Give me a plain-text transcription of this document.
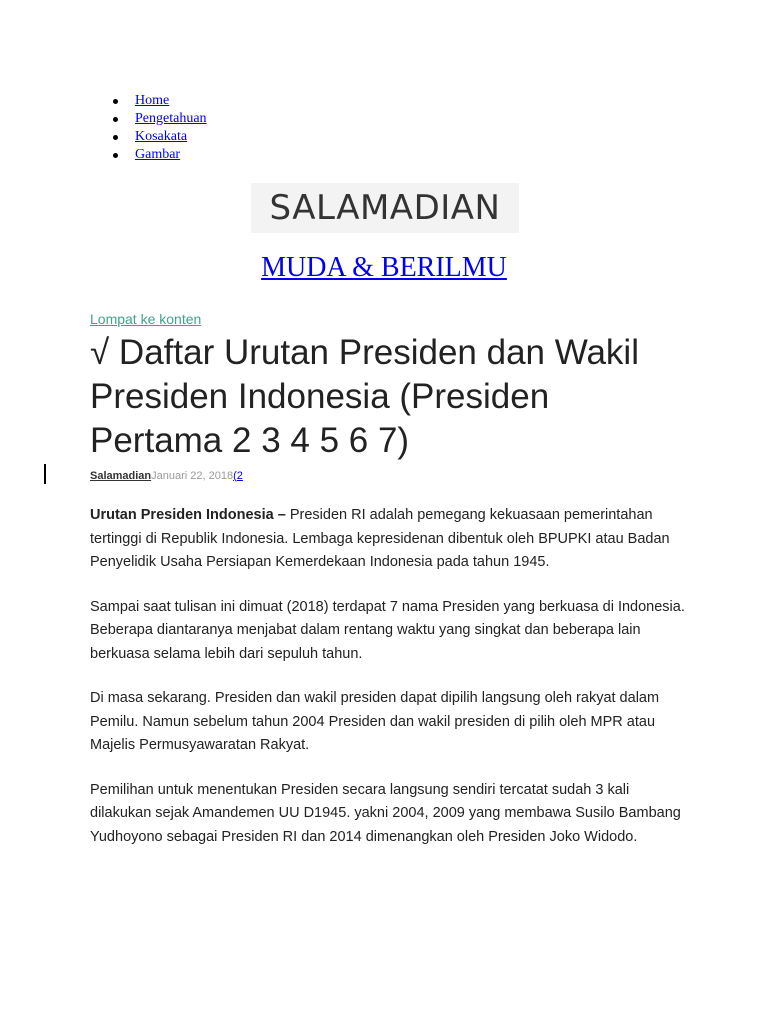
Home
Pengetahuan
Kosakata
Gambar
SALAMADIAN
MUDA & BERILMU
Lompat ke konten
√ Daftar Urutan Presiden dan Wakil Presiden Indonesia (Presiden Pertama 2 3 4 5 6 7)
SalamadianJanuari 22, 2018(2

Urutan Presiden Indonesia – Presiden RI adalah pemegang kekuasaan pemerintahan tertinggi di Republik Indonesia. Lembaga kepresidenan dibentuk oleh BPUPKI atau Badan Penyelidik Usaha Persiapan Kemerdekaan Indonesia pada tahun 1945.

Sampai saat tulisan ini dimuat (2018) terdapat 7 nama Presiden yang berkuasa di Indonesia. Beberapa diantaranya menjabat dalam rentang waktu yang singkat dan beberapa lain berkuasa selama lebih dari sepuluh tahun.

Di masa sekarang. Presiden dan wakil presiden dapat dipilih langsung oleh rakyat dalam Pemilu. Namun sebelum tahun 2004 Presiden dan wakil presiden di pilih oleh MPR atau Majelis Permusyawaratan Rakyat.

Pemilihan untuk menentukan Presiden secara langsung sendiri tercatat sudah 3 kali dilakukan sejak Amandemen UU D1945. yakni 2004, 2009 yang membawa Susilo Bambang Yudhoyono sebagai Presiden RI dan 2014 dimenangkan oleh Presiden Joko Widodo.
